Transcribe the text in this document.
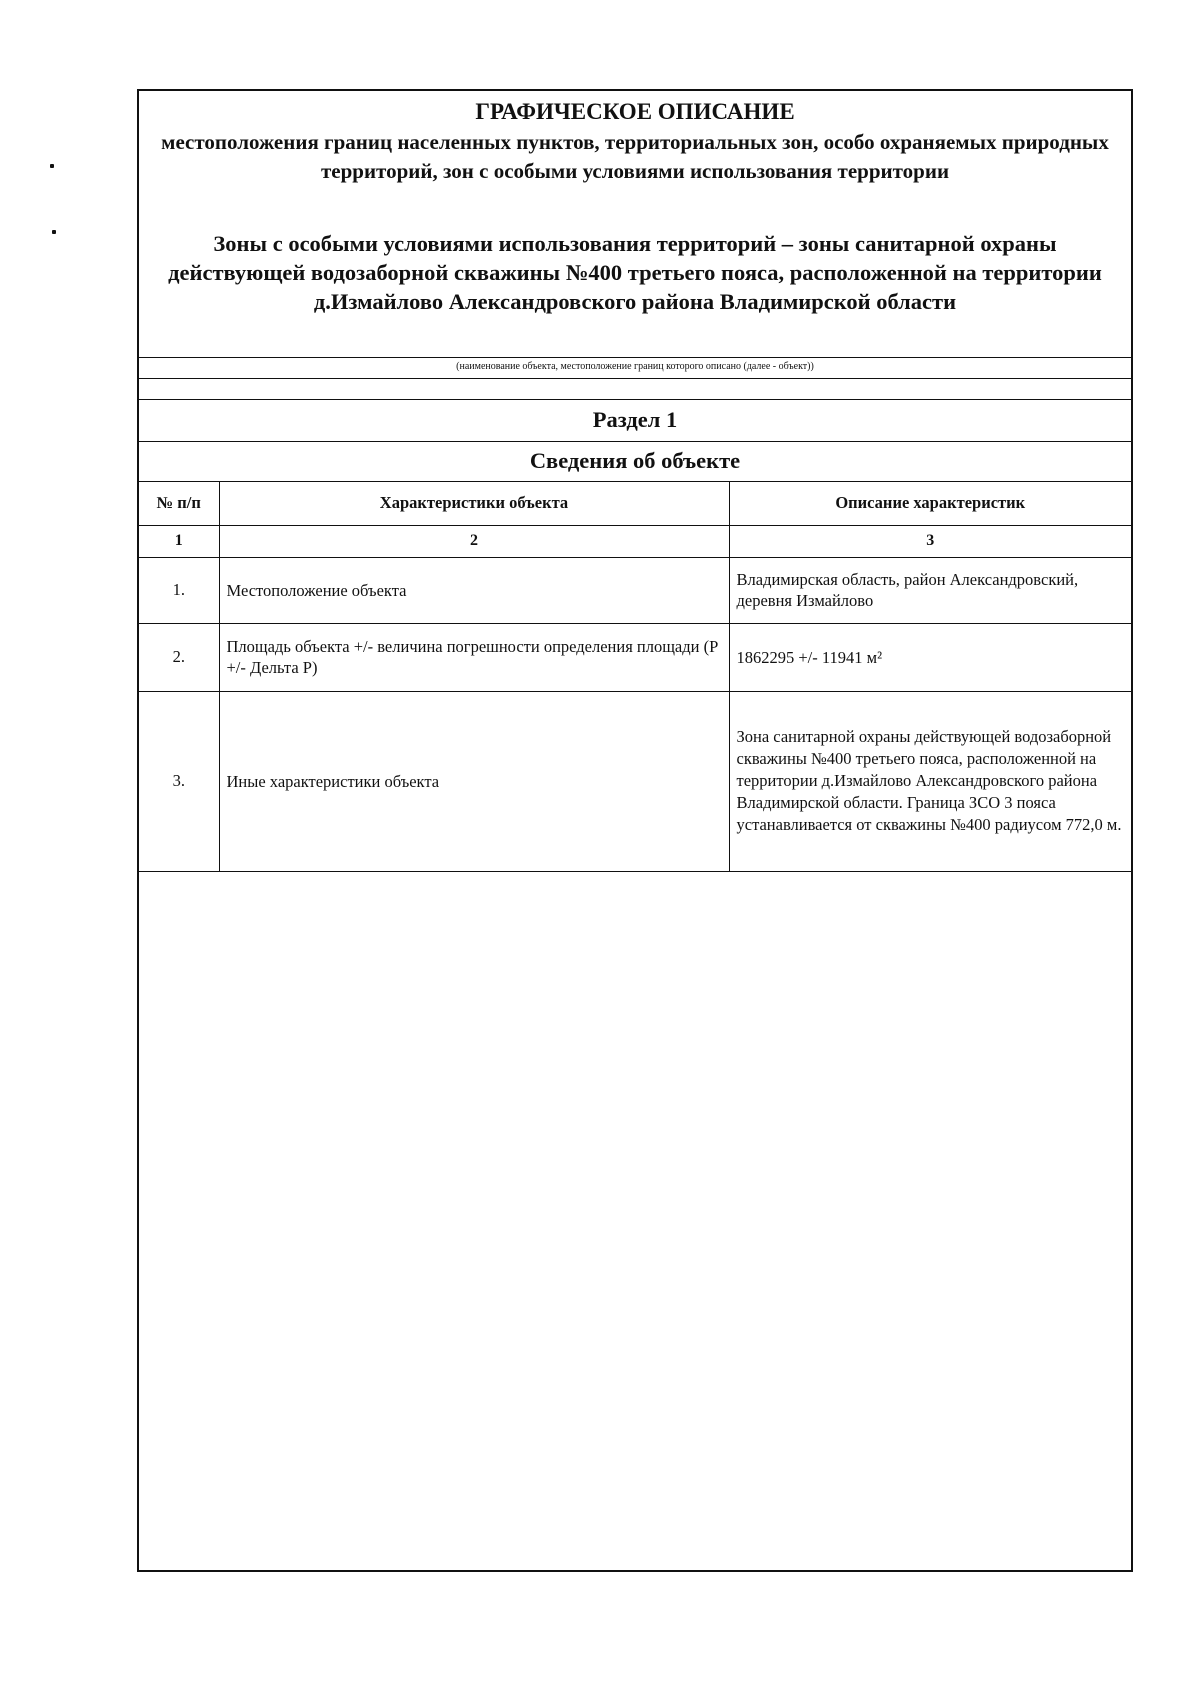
ГРАФИЧЕСКОЕ ОПИСАНИЕ
местоположения границ населенных пунктов, территориальных зон, особо охраняемых природных территорий, зон с особыми условиями использования территории
Зоны с особыми условиями использования территорий – зоны санитарной охраны действующей водозаборной скважины №400 третьего пояса, расположенной на территории д.Измайлово Александровского района Владимирской области
(наименование объекта, местоположение границ которого описано (далее - объект))
Раздел 1
Сведения об объекте
№ п/п	Характеристики объекта	Описание характеристик
1	2	3
1.	Местоположение объекта	Владимирская область, район Александровский, деревня Измайлово
2.	Площадь объекта +/- величина погрешности определения площади (Р +/- Дельта Р)	1862295 +/- 11941 м²
3.	Иные характеристики объекта	Зона санитарной охраны действующей водозаборной скважины №400 третьего пояса, расположенной на территории д.Измайлово Александровского района Владимирской области. Граница ЗСО 3 пояса устанавливается от скважины №400 радиусом 772,0 м.
